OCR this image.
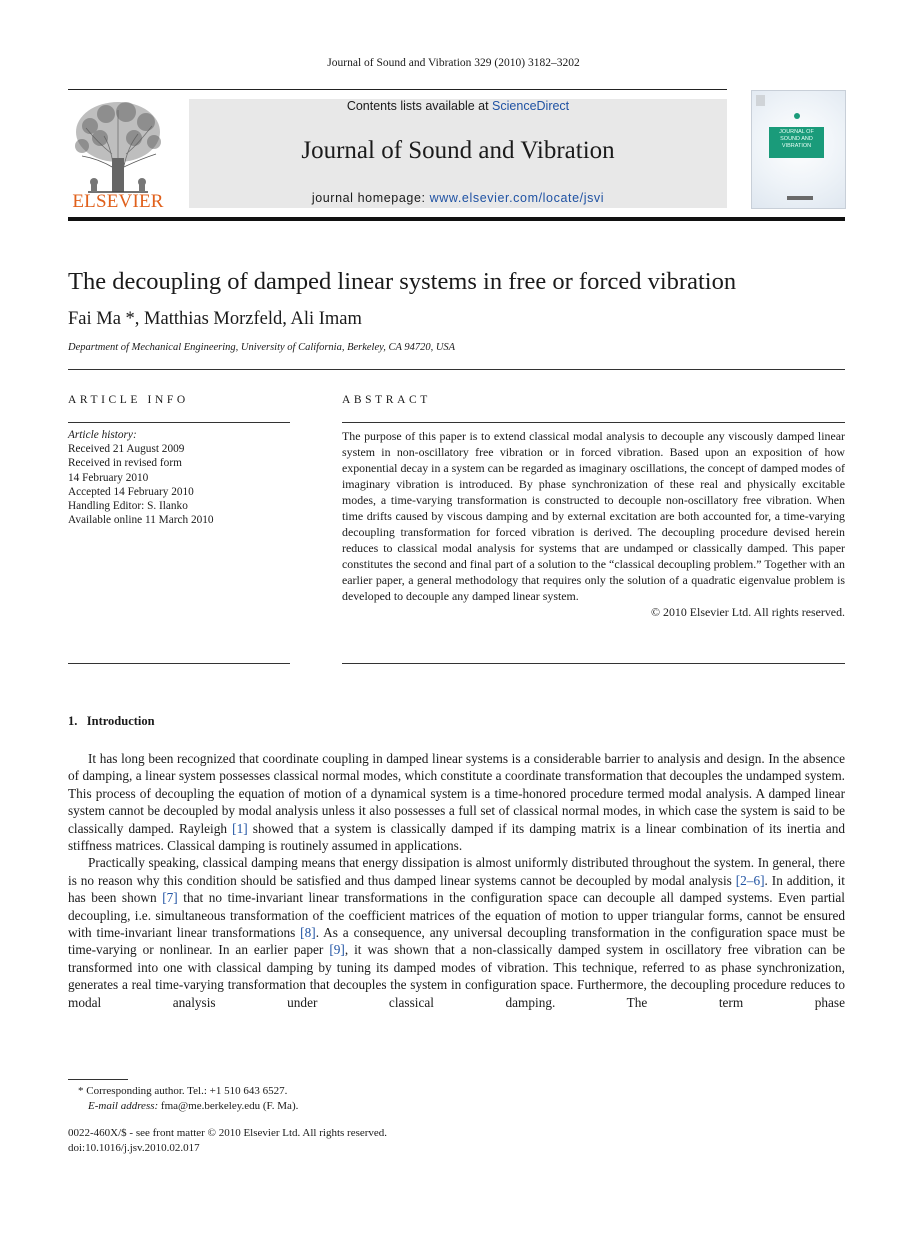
Journal of Sound and Vibration 329 (2010) 3182–3202
ELSEVIER
Contents lists available at ScienceDirect
Journal of Sound and Vibration
journal homepage: www.elsevier.com/locate/jsvi
JOURNAL OF SOUND AND VIBRATION
The decoupling of damped linear systems in free or forced vibration
Fai Ma *, Matthias Morzfeld, Ali Imam
Department of Mechanical Engineering, University of California, Berkeley, CA 94720, USA
ARTICLE INFO
Article history:
Received 21 August 2009
Received in revised form
14 February 2010
Accepted 14 February 2010
Handling Editor: S. Ilanko
Available online 11 March 2010
ABSTRACT
The purpose of this paper is to extend classical modal analysis to decouple any viscously damped linear system in non-oscillatory free vibration or in forced vibration. Based upon an exposition of how exponential decay in a system can be regarded as imaginary oscillations, the concept of damped modes of imaginary vibration is introduced. By phase synchronization of these real and physically excitable modes, a time-varying transformation is constructed to decouple non-oscillatory free vibration. When time drifts caused by viscous damping and by external excitation are both accounted for, a time-varying decoupling transformation for forced vibration is derived. The decoupling procedure devised herein reduces to classical modal analysis for systems that are undamped or classically damped. This paper constitutes the second and final part of a solution to the “classical decoupling problem.” Together with an earlier paper, a general methodology that requires only the solution of a quadratic eigenvalue problem is developed to decouple any damped linear system.
© 2010 Elsevier Ltd. All rights reserved.
1.  Introduction

It has long been recognized that coordinate coupling in damped linear systems is a considerable barrier to analysis and design. In the absence of damping, a linear system possesses classical normal modes, which constitute a coordinate transformation that decouples the undamped system. This process of decoupling the equation of motion of a dynamical system is a time-honored procedure termed modal analysis. A damped linear system cannot be decoupled by modal analysis unless it also possesses a full set of classical normal modes, in which case the system is said to be classically damped. Rayleigh [1] showed that a system is classically damped if its damping matrix is a linear combination of its inertia and stiffness matrices. Classical damping is routinely assumed in applications.

Practically speaking, classical damping means that energy dissipation is almost uniformly distributed throughout the system. In general, there is no reason why this condition should be satisfied and thus damped linear systems cannot be decoupled by modal analysis [2–6]. In addition, it has been shown [7] that no time-invariant linear transformations in the configuration space can decouple all damped systems. Even partial decoupling, i.e. simultaneous transformation of the coefficient matrices of the equation of motion to upper triangular forms, cannot be ensured with time-invariant linear transformations [8]. As a consequence, any universal decoupling transformation in the configuration space must be time-varying or nonlinear. In an earlier paper [9], it was shown that a non-classically damped system in oscillatory free vibration can be transformed into one with classical damping by tuning its damped modes of vibration. This technique, referred to as phase synchronization, generates a real time-varying transformation that decouples the system in configuration space. Furthermore, the decoupling procedure reduces to modal analysis under classical damping. The term phase

* Corresponding author. Tel.: +1 510 643 6527.
E-mail address: fma@me.berkeley.edu (F. Ma).
0022-460X/$ - see front matter © 2010 Elsevier Ltd. All rights reserved.
doi:10.1016/j.jsv.2010.02.017
